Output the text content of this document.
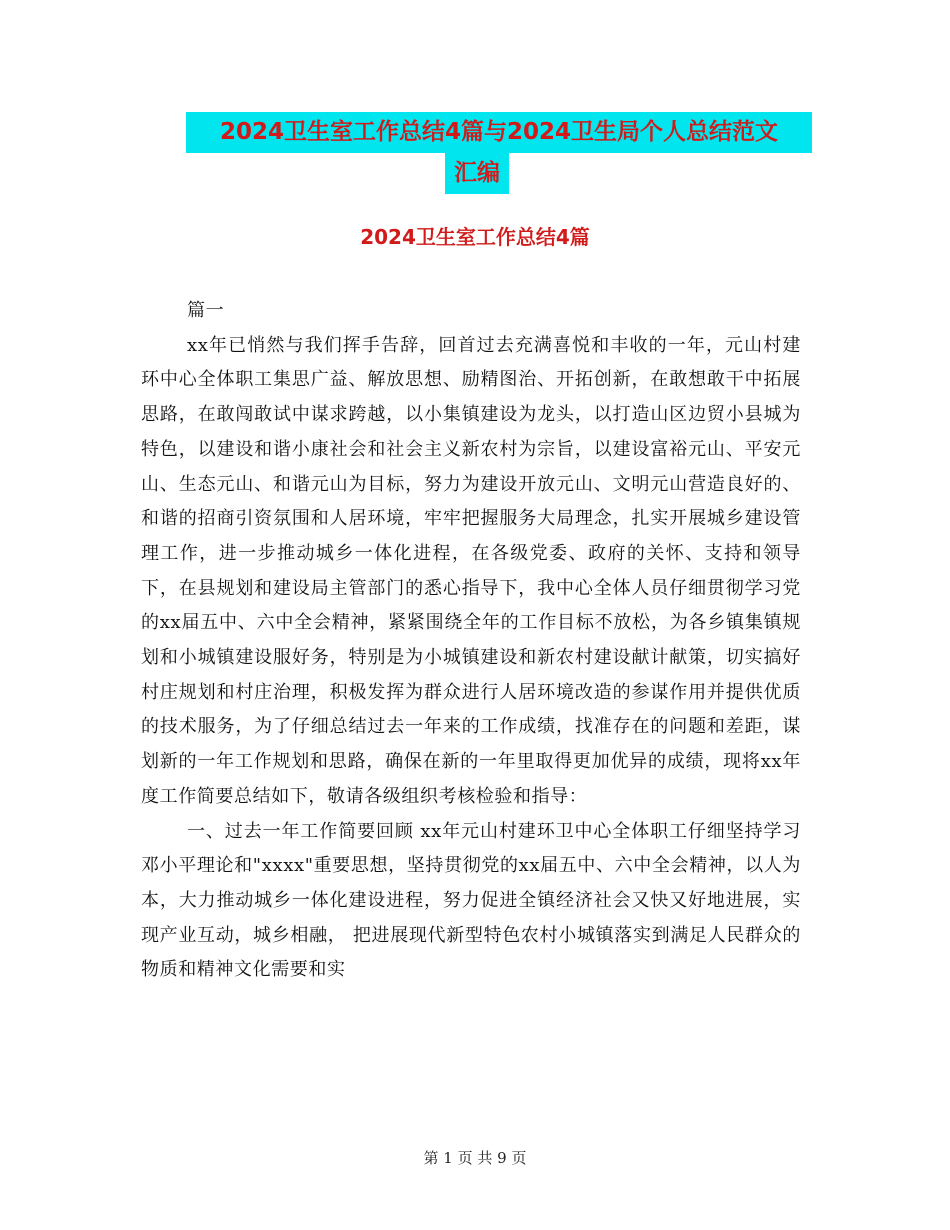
2024卫生室工作总结4篇与2024卫生局个人总结范文
汇编
2024卫生室工作总结4篇

篇一

xx年已悄然与我们挥手告辞，回首过去充满喜悦和丰收的一年，元山村建环中心全体职工集思广益、解放思想、励精图治、开拓创新，在敢想敢干中拓展思路，在敢闯敢试中谋求跨越，以小集镇建设为龙头，以打造山区边贸小县城为特色，以建设和谐小康社会和社会主义新农村为宗旨，以建设富裕元山、平安元山、生态元山、和谐元山为目标，努力为建设开放元山、文明元山营造良好的、和谐的招商引资氛围和人居环境，牢牢把握服务大局理念，扎实开展城乡建设管理工作，进一步推动城乡一体化进程，在各级党委、政府的关怀、支持和领导下，在县规划和建设局主管部门的悉心指导下，我中心全体人员仔细贯彻学习党的xx届五中、六中全会精神，紧紧围绕全年的工作目标不放松，为各乡镇集镇规划和小城镇建设服好务，特别是为小城镇建设和新农村建设献计献策，切实搞好村庄规划和村庄治理，积极发挥为群众进行人居环境改造的参谋作用并提供优质的技术服务，为了仔细总结过去一年来的工作成绩，找准存在的问题和差距，谋划新的一年工作规划和思路，确保在新的一年里取得更加优异的成绩，现将xx年度工作简要总结如下，敬请各级组织考核检验和指导：

一、过去一年工作简要回顾 xx年元山村建环卫中心全体职工仔细坚持学习邓小平理论和"xxxx"重要思想，坚持贯彻党的xx届五中、六中全会精神，以人为本，大力推动城乡一体化建设进程，努力促进全镇经济社会又快又好地进展，实现产业互动，城乡相融， 把进展现代新型特色农村小城镇落实到满足人民群众的物质和精神文化需要和实

第 1 页 共 9 页
